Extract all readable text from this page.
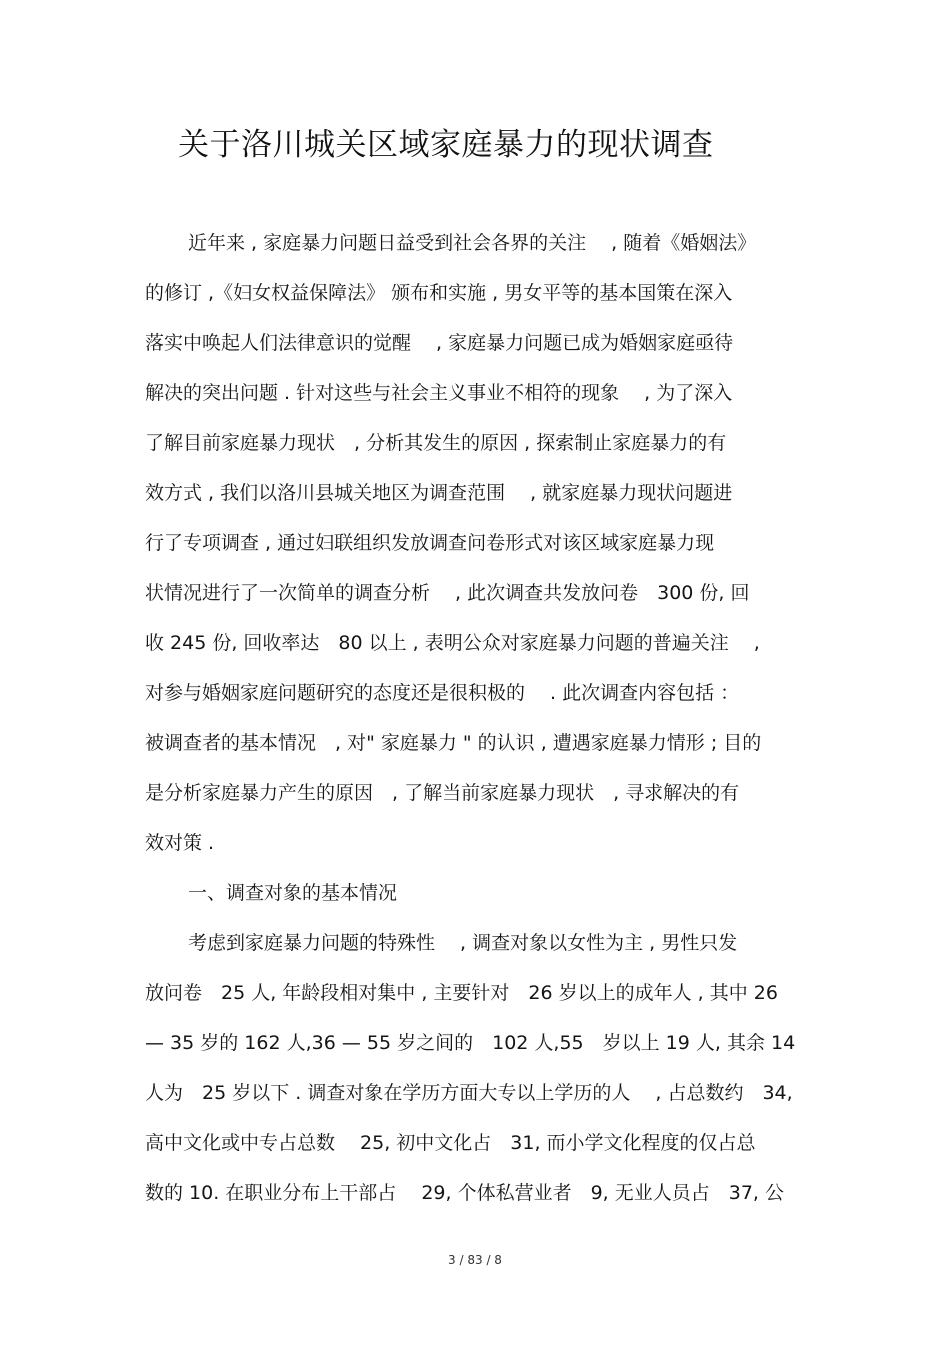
关于洛川城关区域家庭暴力的现状调查
近年来 , 家庭暴力问题日益受到社会各界的关注　 , 随着《婚姻法》
的修订 ,《妇女权益保障法》 颁布和实施 , 男女平等的基本国策在深入
落实中唤起人们法律意识的觉醒　 , 家庭暴力问题已成为婚姻家庭亟待
解决的突出问题 . 针对这些与社会主义事业不相符的现象　 , 为了深入
了解目前家庭暴力现状　, 分析其发生的原因 , 探索制止家庭暴力的有
效方式 , 我们以洛川县城关地区为调查范围　 , 就家庭暴力现状问题进
行了专项调查 , 通过妇联组织发放调查问卷形式对该区域家庭暴力现
状情况进行了一次简单的调查分析　 , 此次调查共发放问卷　300 份, 回
收 245 份, 回收率达　80 以上 , 表明公众对家庭暴力问题的普遍关注　 ,
对参与婚姻家庭问题研究的态度还是很积极的　 . 此次调查内容包括 ：
被调查者的基本情况　, 对" 家庭暴力 " 的认识 , 遭遇家庭暴力情形 ; 目的
是分析家庭暴力产生的原因　, 了解当前家庭暴力现状　, 寻求解决的有
效对策 .
一、调查对象的基本情况
考虑到家庭暴力问题的特殊性　 , 调查对象以女性为主 , 男性只发
放问卷　25 人, 年龄段相对集中 , 主要针对　26 岁以上的成年人 , 其中 26
— 35 岁的 162 人,36 — 55 岁之间的　102 人,55　岁以上 19 人, 其余 14
人为　25 岁以下 . 调查对象在学历方面大专以上学历的人　 , 占总数约　34,
高中文化或中专占总数　 25, 初中文化占　31, 而小学文化程度的仅占总
数的 10. 在职业分布上干部占　 29, 个体私营业者　9, 无业人员占　37, 公
3 / 83 / 8
